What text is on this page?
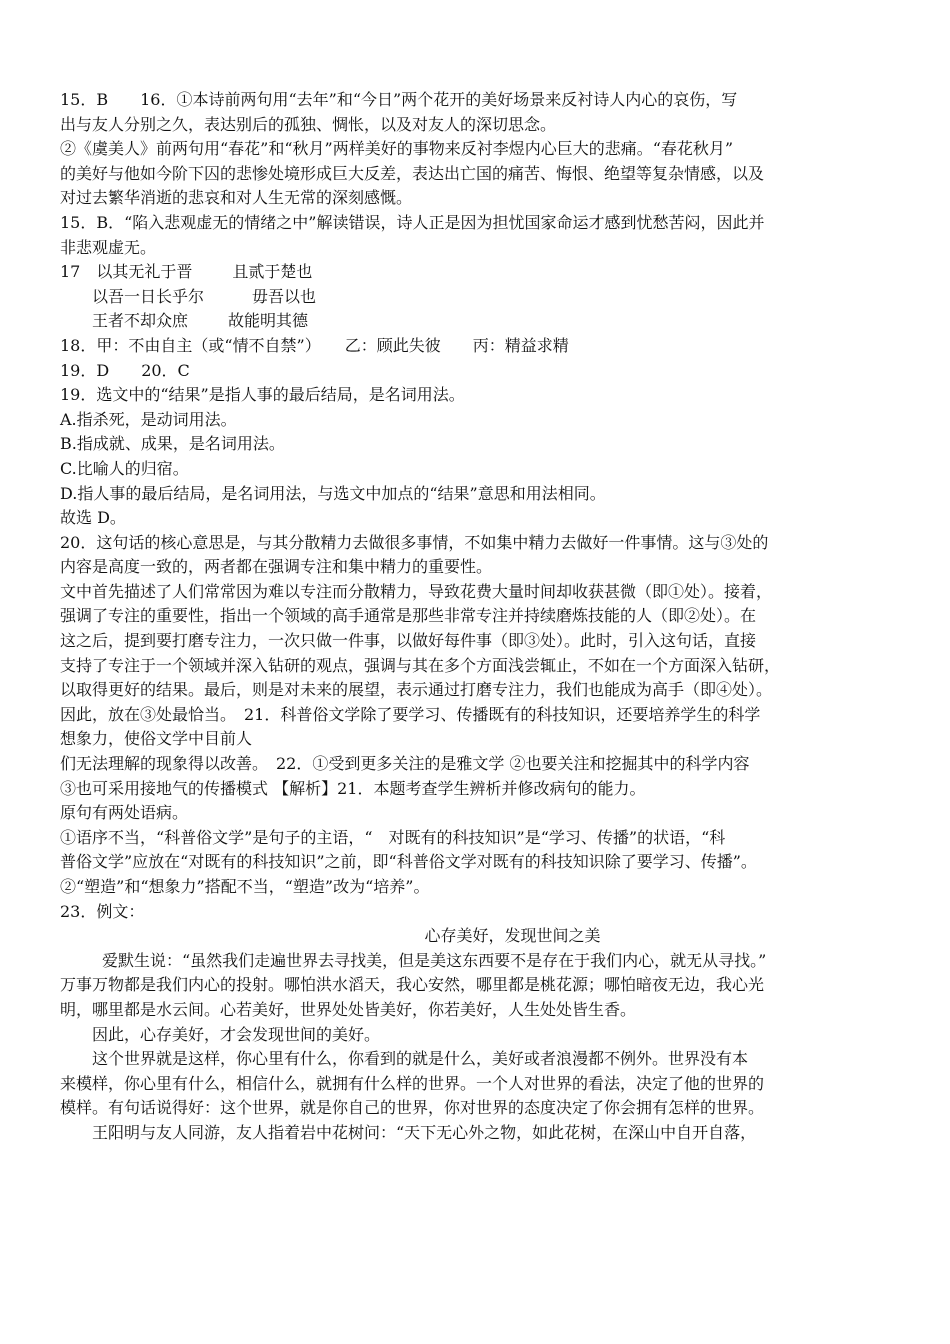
15．B　　16．①本诗前两句用“去年”和“今日”两个花开的美好场景来反衬诗人内心的哀伤，写
出与友人分别之久，表达别后的孤独、惆怅，以及对友人的深切思念。
②《虞美人》前两句用“春花”和“秋月”两样美好的事物来反衬李煜内心巨大的悲痛。“春花秋月”
的美好与他如今阶下囚的悲惨处境形成巨大反差，表达出亡国的痛苦、悔恨、绝望等复杂情感，以及
对过去繁华消逝的悲哀和对人生无常的深刻感慨。
15．B．“陷入悲观虚无的情绪之中”解读错误，诗人正是因为担忧国家命运才感到忧愁苦闷，因此并
非悲观虚无。
17　以其无礼于晋	且贰于楚也
以吾一日长乎尔	毋吾以也
王者不却众庶	故能明其德
18．甲：不由自主（或“情不自禁”）　　乙：顾此失彼　　丙：精益求精
19．D　　20．C
19．选文中的“结果”是指人事的最后结局，是名词用法。
A.指杀死，是动词用法。
B.指成就、成果，是名词用法。
C.比喻人的归宿。
D.指人事的最后结局，是名词用法，与选文中加点的“结果”意思和用法相同。
故选 D。
20．这句话的核心意思是，与其分散精力去做很多事情，不如集中精力去做好一件事情。这与③处的
内容是高度一致的，两者都在强调专注和集中精力的重要性。
文中首先描述了人们常常因为难以专注而分散精力，导致花费大量时间却收获甚微（即①处）。接着，
强调了专注的重要性，指出一个领域的高手通常是那些非常专注并持续磨炼技能的人（即②处）。在
这之后，提到要打磨专注力，一次只做一件事，以做好每件事（即③处）。此时，引入这句话，直接
支持了专注于一个领域并深入钻研的观点，强调与其在多个方面浅尝辄止，不如在一个方面深入钻研，
以取得更好的结果。最后，则是对未来的展望，表示通过打磨专注力，我们也能成为高手（即④处）。
因此，放在③处最恰当。　21．科普俗文学除了要学习、传播既有的科技知识，还要培养学生的科学
想象力，使俗文学中目前人
们无法理解的现象得以改善。　22．①受到更多关注的是雅文学 ②也要关注和挖掘其中的科学内容
③也可采用接地气的传播模式 【解析】21．本题考查学生辨析并修改病句的能力。
原句有两处语病。
①语序不当，“科普俗文学”是句子的主语，“　对既有的科技知识”是“学习、传播”的状语，“科
普俗文学”应放在“对既有的科技知识”之前，即“科普俗文学对既有的科技知识除了要学习、传播”。
②“塑造”和“想象力”搭配不当，“塑造”改为“培养”。
23．例文：
心存美好，发现世间之美
爱默生说：“虽然我们走遍世界去寻找美，但是美这东西要不是存在于我们内心，就无从寻找。”
万事万物都是我们内心的投射。哪怕洪水滔天，我心安然，哪里都是桃花源；哪怕暗夜无边，我心光
明，哪里都是水云间。心若美好，世界处处皆美好，你若美好，人生处处皆生香。
因此，心存美好，才会发现世间的美好。
这个世界就是这样，你心里有什么，你看到的就是什么，美好或者浪漫都不例外。世界没有本
来模样，你心里有什么，相信什么，就拥有什么样的世界。一个人对世界的看法，决定了他的世界的
模样。有句话说得好：这个世界，就是你自己的世界，你对世界的态度决定了你会拥有怎样的世界。
王阳明与友人同游，友人指着岩中花树问：“天下无心外之物，如此花树，在深山中自开自落，
